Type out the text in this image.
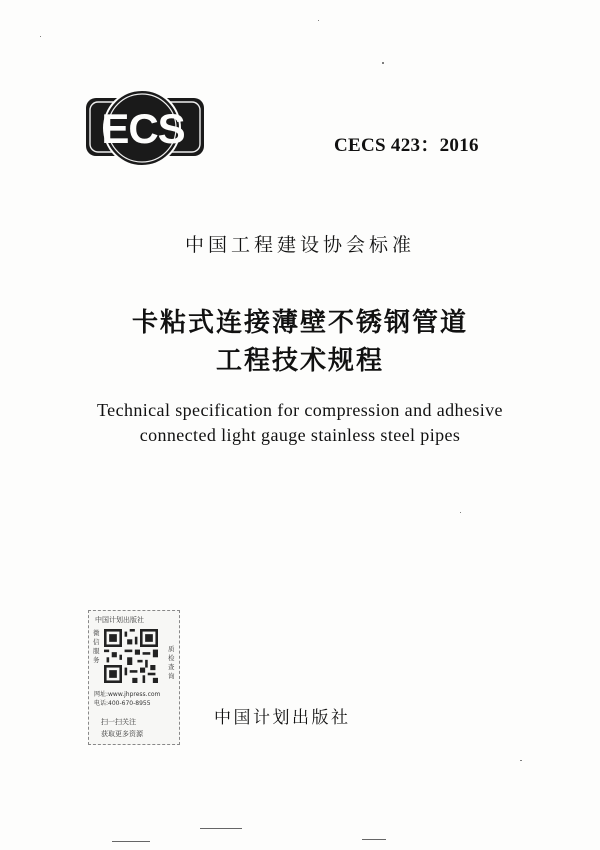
ECS	CECS 423：2016
中国工程建设协会标准
卡粘式连接薄壁不锈钢管道
工程技术规程
Technical specification for compression and adhesive
connected light gauge stainless steel pipes
中国计划出版社
微信服务
质检查询
网址:www.jhpress.com
电话:400-670-8955
扫一扫关注
获取更多资源
中国计划出版社
